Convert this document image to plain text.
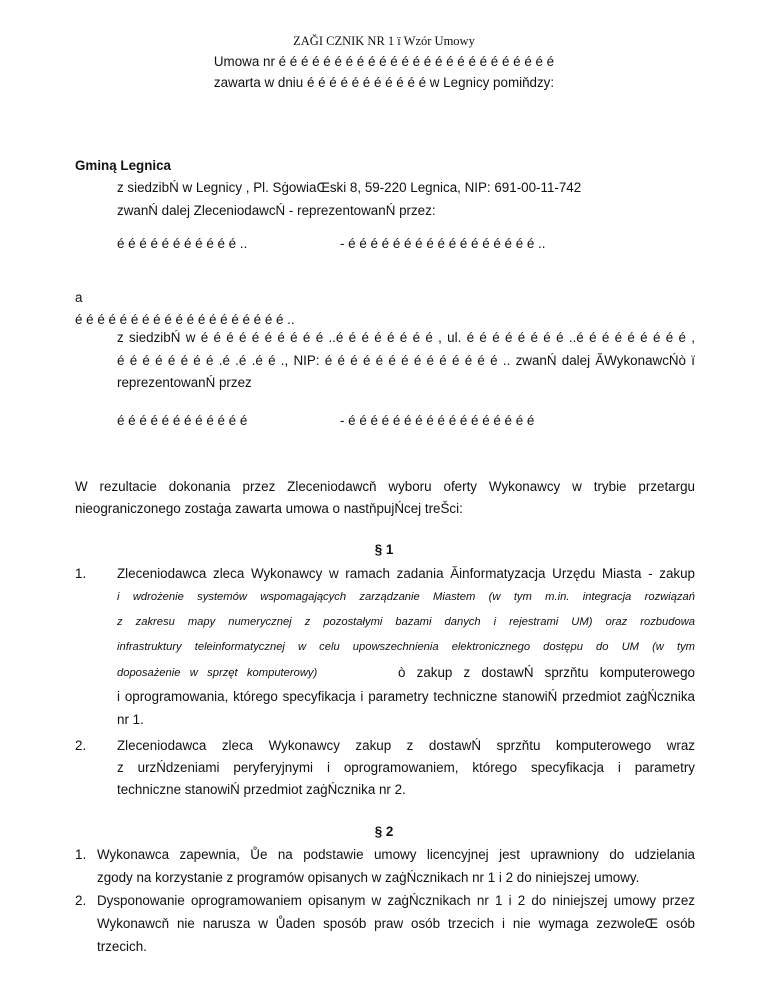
ZAĞI CZNIK NR 1 ï Wzór Umowy
Umowa nr é é é é é é é é é é é é é é é é é é é é é é é é é
zawarta w dniu é é é é é é é é é é é w Legnicy pomiňdzy:
Gminą Legnica
z siedzibŃ w Legnicy , Pl. SġowiaŒski 8, 59-220 Legnica, NIP: 691-00-11-742
zwanŃ dalej ZleceniodawcŃ - reprezentowanŃ przez:
é é é é é é é é é é é ..	- é é é é é é é é é é é é é é é é é ..
a
é é é é é é é é é é é é é é é é é é é ..
z siedzibŃ w é é é é é é é é é é ..é é é é é é é é , ul. é é é é é é é é ..é é é é é é é é é ,
é é é é é é é é .é .é .é é ., NIP: é é é é é é é é é é é é é é .. zwanŃ dalej ĂWykonawcŃò ï
reprezentowanŃ przez
é é é é é é é é é é é é	- é é é é é é é é é é é é é é é é é
W rezultacie dokonania przez Zleceniodawcň wyboru oferty Wykonawcy w trybie przetargu
nieograniczonego zostaġa zawarta umowa o nastňpujŃcej treŠci:
§ 1
1. Zleceniodawca zleca Wykonawcy w ramach zadania Ăinformatyzacja Urzędu Miasta - zakup
i wdrożenie systemów wspomagających zarządzanie Miastem (w tym m.in. integracja rozwiązań
z zakresu mapy numerycznej z pozostałymi bazami danych i rejestrami UM) oraz rozbudowa
infrastruktury teleinformatycznej w celu upowszechnienia elektronicznego dostępu do UM (w tym
doposażenie   w   sprzęt   komputerowy)	ò   zakup   z   dostawŃ   sprzňtu   komputerowego
i oprogramowania, którego specyfikacja i parametry techniczne stanowiŃ przedmiot zaġŃcznika
nr 1.
2. Zleceniodawca zleca Wykonawcy zakup z dostawŃ sprzňtu komputerowego wraz
z urzŃdzeniami peryferyjnymi i oprogramowaniem, którego specyfikacja i parametry
techniczne stanowiŃ przedmiot zaġŃcznika nr 2.
§ 2
1. Wykonawca zapewnia, Ůe na podstawie umowy licencyjnej jest uprawniony do udzielania
zgody na korzystanie z programów opisanych w zaġŃcznikach nr 1 i 2 do niniejszej umowy.
2. Dysponowanie oprogramowaniem opisanym w zaġŃcznikach nr 1 i 2 do niniejszej umowy przez
Wykonawcň nie narusza w Ůaden sposób praw osób trzecich i nie wymaga zezwoleŒ osób
trzecich.
